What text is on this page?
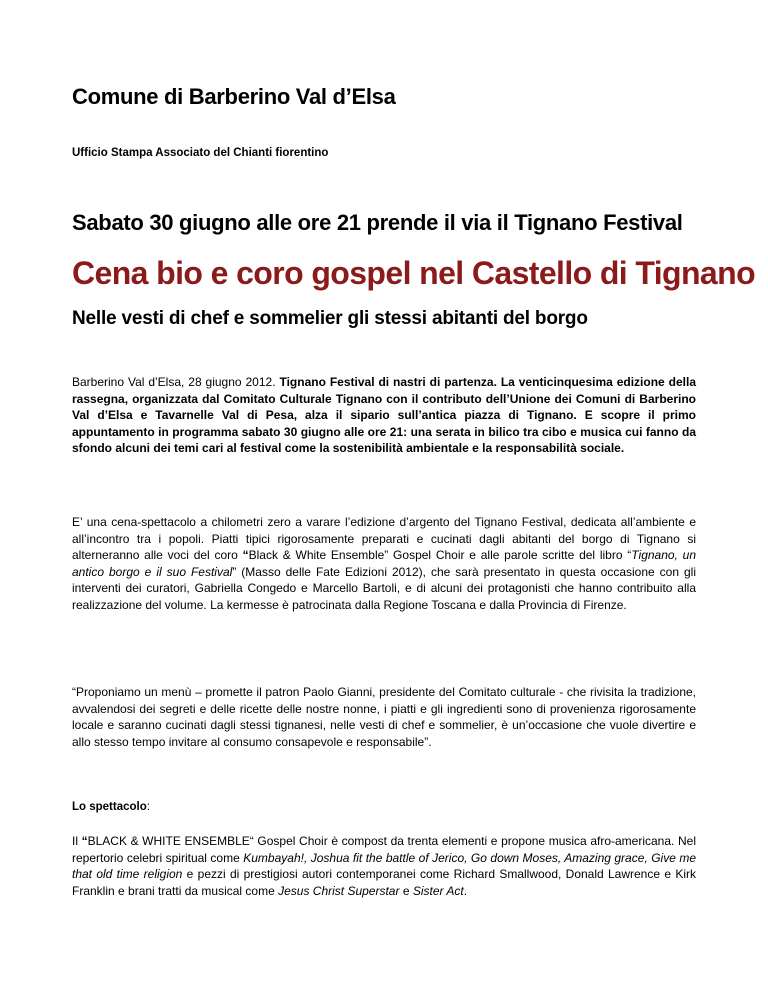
Comune di Barberino Val d’Elsa

Ufficio Stampa Associato del Chianti fiorentino

Sabato 30 giugno alle ore 21 prende il via il Tignano Festival
Cena bio e coro gospel nel Castello di Tignano
Nelle vesti di chef e sommelier gli stessi abitanti del borgo

Barberino Val d’Elsa, 28 giugno 2012. Tignano Festival di nastri di partenza. La venticinquesima edizione della rassegna, organizzata dal Comitato Culturale Tignano con il contributo dell’Unione dei Comuni di Barberino Val d’Elsa e Tavarnelle Val di Pesa, alza il sipario sull’antica piazza di Tignano. E scopre il primo appuntamento in programma sabato 30 giugno alle ore 21: una serata in bilico tra cibo e musica cui fanno da sfondo alcuni dei temi cari al festival come la sostenibilità ambientale e la responsabilità sociale.

E’ una cena-spettacolo a chilometri zero a varare l’edizione d’argento del Tignano Festival, dedicata all’ambiente e all’incontro tra i popoli. Piatti tipici rigorosamente preparati e cucinati dagli abitanti del borgo di Tignano si alterneranno alle voci del coro “Black & White Ensemble” Gospel Choir e alle parole scritte del libro “Tignano, un antico borgo e il suo Festival” (Masso delle Fate Edizioni 2012), che sarà presentato in questa occasione con gli interventi dei curatori, Gabriella Congedo e Marcello Bartoli, e di alcuni dei protagonisti che hanno contribuito alla realizzazione del volume. La kermesse è patrocinata dalla Regione Toscana e dalla Provincia di Firenze.

“Proponiamo un menù – promette il patron Paolo Gianni, presidente del Comitato culturale - che rivisita la tradizione, avvalendosi dei segreti e delle ricette delle nostre nonne, i piatti e gli ingredienti sono di provenienza rigorosamente locale e saranno cucinati dagli stessi tignanesi, nelle vesti di chef e sommelier, è un’occasione che vuole divertire e allo stesso tempo invitare al consumo consapevole e responsabile”.

Lo spettacolo:

Il “BLACK & WHITE ENSEMBLE“ Gospel Choir è compost da trenta elementi e propone musica afro-americana. Nel repertorio celebri spiritual come Kumbayah!, Joshua fit the battle of Jerico, Go down Moses, Amazing grace, Give me that old time religion e pezzi di prestigiosi autori contemporanei come Richard Smallwood, Donald Lawrence e Kirk Franklin e brani tratti da musical come Jesus Christ Superstar e Sister Act.
